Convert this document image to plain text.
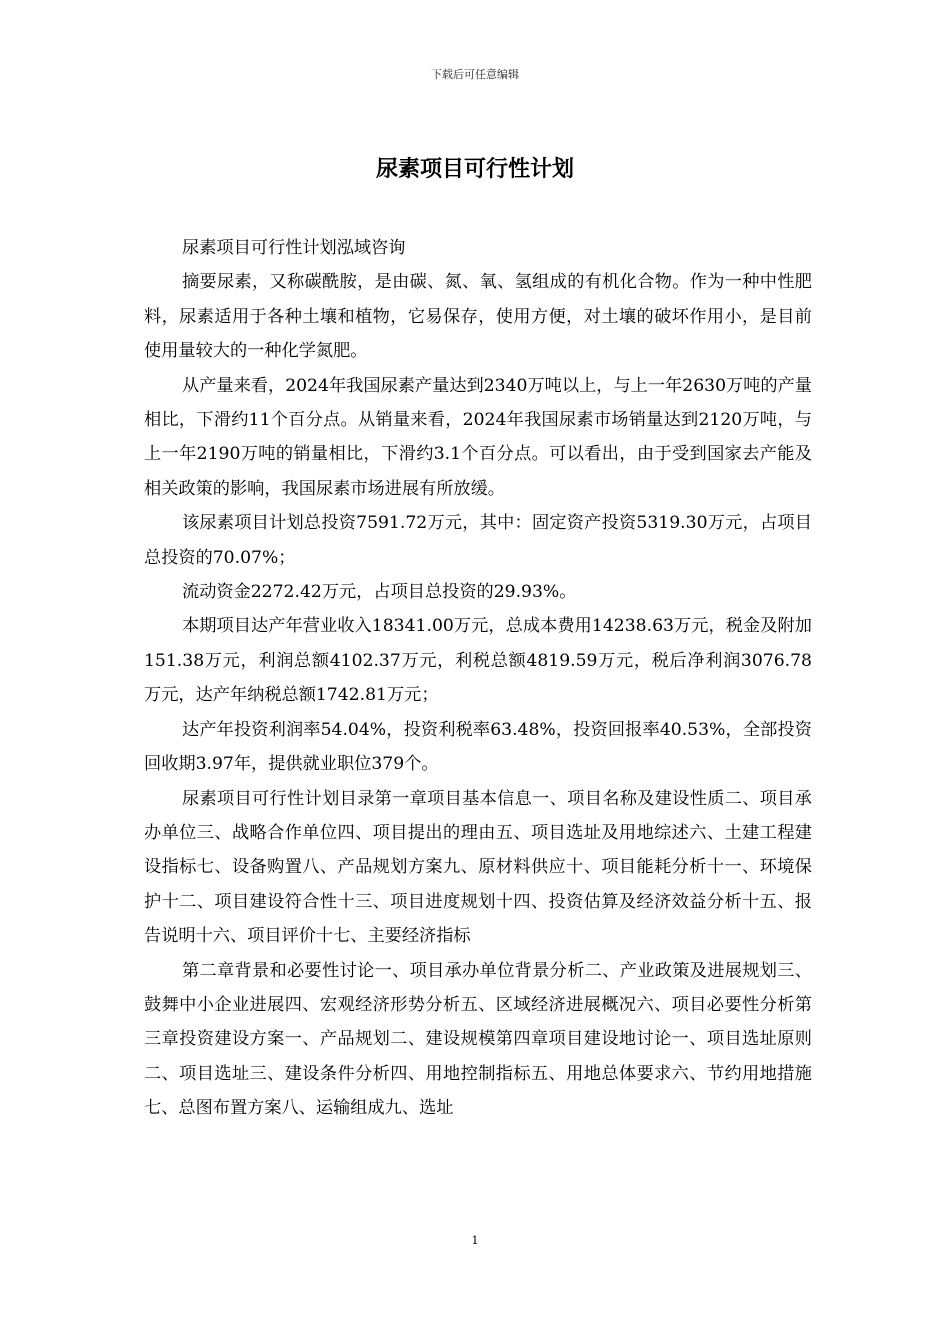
下载后可任意编辑
尿素项目可行性计划

尿素项目可行性计划泓域咨询

摘要尿素，又称碳酰胺，是由碳、氮、氧、氢组成的有机化合物。作为一种中性肥料，尿素适用于各种土壤和植物，它易保存，使用方便，对土壤的破坏作用小，是目前使用量较大的一种化学氮肥。

从产量来看，2024年我国尿素产量达到2340万吨以上，与上一年2630万吨的产量相比，下滑约11个百分点。从销量来看，2024年我国尿素市场销量达到2120万吨，与上一年2190万吨的销量相比，下滑约3.1个百分点。可以看出，由于受到国家去产能及相关政策的影响，我国尿素市场进展有所放缓。

该尿素项目计划总投资7591.72万元，其中：固定资产投资5319.30万元，占项目总投资的70.07%；

流动资金2272.42万元，占项目总投资的29.93%。

本期项目达产年营业收入18341.00万元，总成本费用14238.63万元，税金及附加151.38万元，利润总额4102.37万元，利税总额4819.59万元，税后净利润3076.78万元，达产年纳税总额1742.81万元；

达产年投资利润率54.04%，投资利税率63.48%，投资回报率40.53%，全部投资回收期3.97年，提供就业职位379个。

尿素项目可行性计划目录第一章项目基本信息一、项目名称及建设性质二、项目承办单位三、战略合作单位四、项目提出的理由五、项目选址及用地综述六、土建工程建设指标七、设备购置八、产品规划方案九、原材料供应十、项目能耗分析十一、环境保护十二、项目建设符合性十三、项目进度规划十四、投资估算及经济效益分析十五、报告说明十六、项目评价十七、主要经济指标

第二章背景和必要性讨论一、项目承办单位背景分析二、产业政策及进展规划三、鼓舞中小企业进展四、宏观经济形势分析五、区域经济进展概况六、项目必要性分析第三章投资建设方案一、产品规划二、建设规模第四章项目建设地讨论一、项目选址原则二、项目选址三、建设条件分析四、用地控制指标五、用地总体要求六、节约用地措施七、总图布置方案八、运输组成九、选址

1
